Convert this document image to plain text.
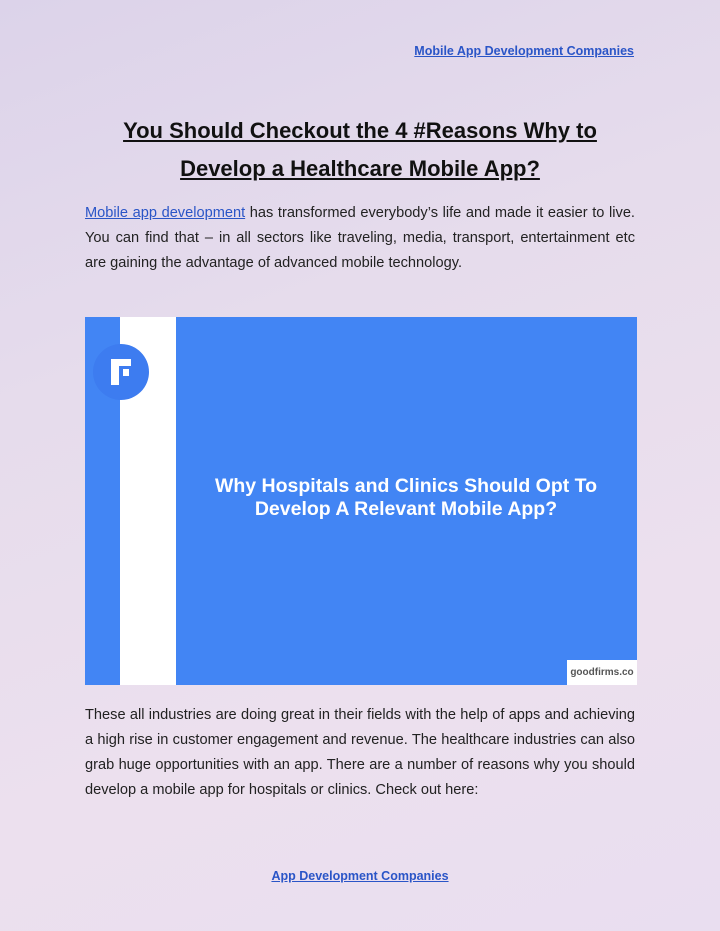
Mobile App Development Companies
You Should Checkout the 4 #Reasons Why to Develop a Healthcare Mobile App?

Mobile app development has transformed everybody’s life and made it easier to live. You can find that – in all sectors like traveling, media, transport, entertainment etc are gaining the advantage of advanced mobile technology.

Why Hospitals and Clinics Should Opt To Develop A Relevant Mobile App?
goodfirms.co

These all industries are doing great in their fields with the help of apps and achieving a high rise in customer engagement and revenue. The healthcare industries can also grab huge opportunities with an app. There are a number of reasons why you should develop a mobile app for hospitals or clinics. Check out here:

App Development Companies
